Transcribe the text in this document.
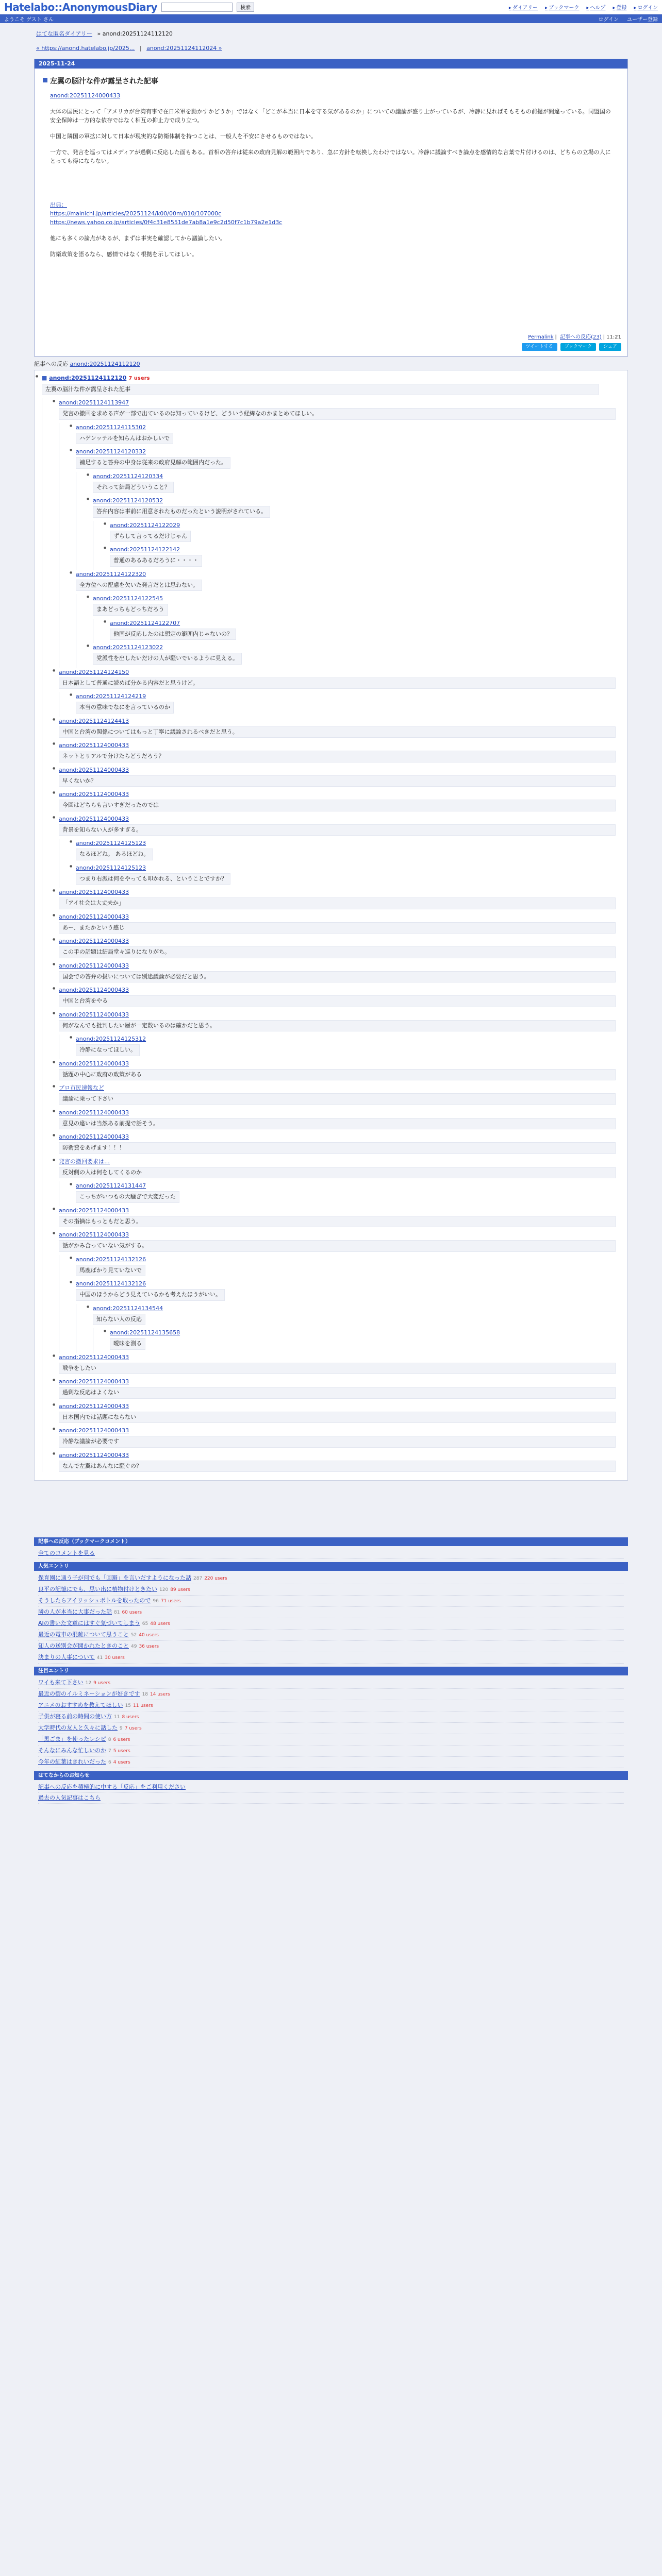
Hatelabo::AnonymousDiary	検索	▸ ダイアリー	▸ ブックマーク	▸ ヘルプ	▸ 登録	▸ ログイン
ようこそ ゲスト さん	ログイン ユーザー登録
はてな匿名ダイアリー » anond:20251124112120
« https://anond.hatelabo.jp/2025... | anond:20251124112024 »
2025-11-24
左翼の脳汁な件が露呈された記事

anond:20251124000433

大体の国民にとって「アメリカが台湾有事で在日米軍を動かすかどうか」ではなく「どこが本当に日本を守る気があるのか」についての議論が盛り上がっているが、冷静に見ればそもそもの前提が間違っている。同盟国の安全保障は一方的な依存ではなく相互の抑止力で成り立つ。

中国と隣国の軍拡に対して日本が現実的な防衛体制を持つことは、一般人を不安にさせるものではない。

一方で、発言を巡ってはメディアが過剰に反応した面もある。首相の答弁は従来の政府見解の範囲内であり、急に方針を転換したわけではない。冷静に議論すべき論点を感情的な言葉で片付けるのは、どちらの立場の人にとっても得にならない。

出典：

https://mainichi.jp/articles/20251124/k00/00m/010/107000c

https://news.yahoo.co.jp/articles/0f4c31e8551de7ab8a1e9c2d50f7c1b79a2e1d3c

他にも多くの論点があるが、まずは事実を確認してから議論したい。

防衛政策を語るなら、感情ではなく根拠を示してほしい。

Permalink | 記事への反応(23) | 11:21
ツイートする	ブックマーク	シェア
記事への反応 anond:20251124112120
■ ● anond:20251124112120 7 users
左翼の脳汁な件が露呈された記事
● anond:20251124113947
発言の撤回を求める声が一部で出ているのは知っているけど、どういう経緯なのかまとめてほしい。
● anond:20251124115302
ハゲンッテルを知らんはおかしいで
● anond:20251124120332
補足すると答弁の中身は従来の政府見解の範囲内だった。
● anond:20251124120334
それって結局どういうこと？
● anond:20251124120532
答弁内容は事前に用意されたものだったという説明がされている。
● anond:20251124122029
ずらして言ってるだけじゃん
● anond:20251124122142
普通のあるあるだろうに・・・・
● anond:20251124122320
全方位への配慮を欠いた発言だとは思わない。
● anond:20251124122545
まあどっちもどっちだろう
● anond:20251124122707
他国が反応したのは想定の範囲内じゃないの？
● anond:20251124123022
党派性を出したいだけの人が騒いでいるように見える。
● anond:20251124124150
日本語として普通に読めば分かる内容だと思うけど。
● anond:20251124124219
本当の意味でなにを言っているのか
● anond:20251124124413
中国と台湾の関係についてはもっと丁寧に議論されるべきだと思う。
● anond:20251124000433
ネットとリアルで分けたらどうだろう？
● anond:20251124000433
早くないか？
● anond:20251124000433
今回はどちらも言いすぎだったのでは
● anond:20251124000433
背景を知らない人が多すぎる。
● anond:20251124125123
なるほどね。 あるほどね。
● anond:20251124125123
つまり右派は何をやっても叩かれる、ということですか？
● anond:20251124000433
「アイ社会は大丈夫か」
● anond:20251124000433
あー、またかという感じ
● anond:20251124000433
この手の話題は結局堂々巡りになりがち。
● anond:20251124000433
国会での答弁の扱いについては別途議論が必要だと思う。
● anond:20251124000433
中国と台湾をやる
● anond:20251124000433
何がなんでも批判したい層が一定数いるのは確かだと思う。
● anond:20251124125312
冷静になってほしい。
● anond:20251124000433
話題の中心に政府の政策がある
● プロ市民速報など
議論に乗って下さい
● anond:20251124000433
意見の違いは当然ある前提で話そう。
● anond:20251124000433
防衛費をあげます！！！
● 発言の撤回要求は…
反対側の人は何をしてくるのか
● anond:20251124131447
こっちがいつもの大騒ぎで大変だった
● anond:20251124000433
その指摘はもっともだと思う。
● anond:20251124000433
話がかみ合っていない気がする。
● anond:20251124132126
馬鹿ばかり見ていないで
● anond:20251124132126
中国のほうからどう見えているかも考えたほうがいい。
● anond:20251124134544
知らない人の反応
● anond:20251124135658
曖昧を測る
● anond:20251124000433
戦争をしたい
● anond:20251124000433
過剰な反応はよくない
● anond:20251124000433
日本国内では話題にならない
● anond:20251124000433
冷静な議論が必要です
● anond:20251124000433
なんで左翼はあんなに騒ぐの？
記事への反応（ブックマークコメント）
全てのコメントを見る
人気エントリ
保育園に通う子が何でも「回避」を言いだすようになった話 287 220 users
良平の記憶にでも、思い出に植物付けときたい 120 89 users
そうしたらアイリッシュボトルを取ったので 96 71 users
隣の人が本当に大事だった話 81 60 users
AIの書いた文章にはすぐ気づいてしまう 65 48 users
最近の電車の混雑について思うこと 52 40 users
知人の送別会が開かれたときのこと 49 36 users
決まりの人事について 41 30 users
注目エントリ
ワイも来て下さい 12 9 users
最近の街のイルミネーションが好きです 18 14 users
アニメのおすすめを教えてほしい 15 11 users
子供が寝る前の時間の使い方 11 8 users
大学時代の友人と久々に話した 9 7 users
「黒ごま」を使ったレシピ 8 6 users
そんなにみんな忙しいのか 7 5 users
今年の紅葉はきれいだった 6 4 users
はてなからのお知らせ
記事への反応を積極的に中する「反応」をご利用ください
過去の人気記事はこちら
